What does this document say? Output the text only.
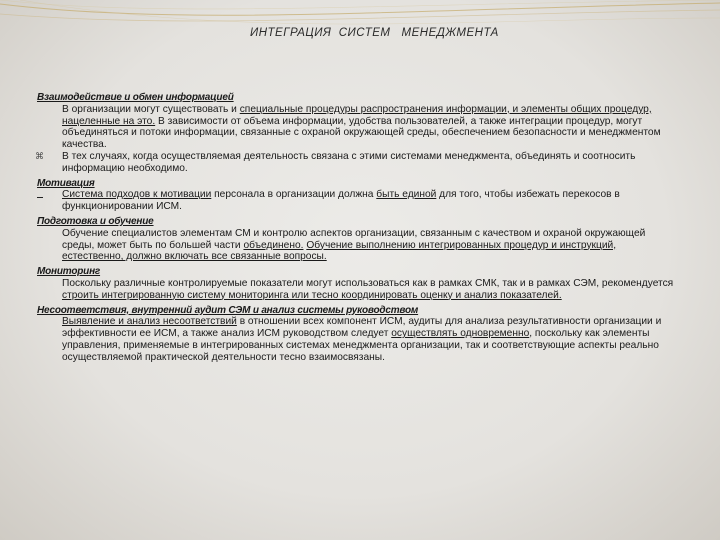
ИНТЕГРАЦИЯ  СИСТЕМ   МЕНЕДЖМЕНТА
Взаимодействие и обмен информацией
В организации могут существовать и специальные процедуры распространения информации, и элементы общих процедур, нацеленные на это. В зависимости от объема информации, удобства пользователей, а также интеграции процедур, могут объединяться и потоки информации, связанные с охраной окружающей среды, обеспечением безопасности и менеджментом качества.
⌘	В тех случаях, когда осуществляемая деятельность связана с этими системами менеджмента, объединять и соотносить информацию необходимо.
Мотивация
Система подходов к мотивации персонала в организации должна быть единой для того, чтобы избежать перекосов в функционировании ИСМ.
Подготовка и обучение
Обучение специалистов элементам СМ и контролю аспектов организации, связанным с качеством и охраной окружающей среды, может быть по большей части объединено. Обучение выполнению интегрированных процедур и инструкций, естественно, должно включать все связанные вопросы.
Мониторинг
Поскольку различные контролируемые показатели могут использоваться как в рамках СМК, так и в рамках СЭМ, рекомендуется строить интегрированную систему мониторинга или тесно координировать оценку и анализ показателей.
Несоответствия, внутренний аудит СЭМ и анализ системы руководством
Выявление и анализ несоответствий в отношении всех компонент ИСМ, аудиты для анализа результативности организации и эффективности ее ИСМ, а также анализ ИСМ руководством следует осуществлять одновременно, поскольку как элементы управления, применяемые в интегрированных системах менеджмента организации, так и соответствующие аспекты реально осуществляемой практической деятельности тесно взаимосвязаны.
